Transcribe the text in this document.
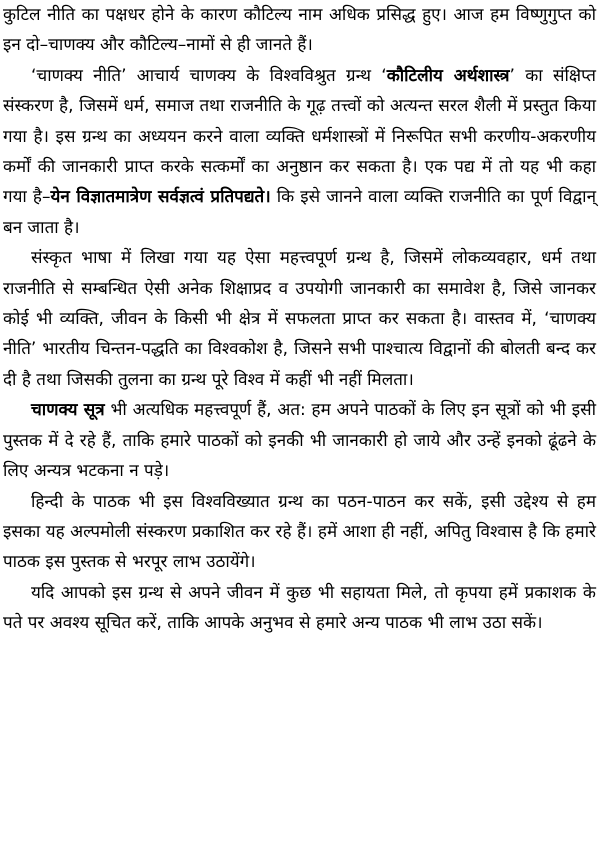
कुटिल नीति का पक्षधर होने के कारण कौटिल्य नाम अधिक प्रसिद्ध हुए। आज हम विष्णुगुप्त को इन दो–चाणक्य और कौटिल्य–नामों से ही जानते हैं।

‘चाणक्य नीति’ आचार्य चाणक्य के विश्वविश्रुत ग्रन्थ ‘कौटिलीय अर्थशास्त्र’ का संक्षिप्त संस्करण है, जिसमें धर्म, समाज तथा राजनीति के गूढ़ तत्त्वों को अत्यन्त सरल शैली में प्रस्तुत किया गया है। इस ग्रन्थ का अध्ययन करने वाला व्यक्ति धर्मशास्त्रों में निरूपित सभी करणीय-अकरणीय कर्मों की जानकारी प्राप्त करके सत्कर्मों का अनुष्ठान कर सकता है। एक पद्य में तो यह भी कहा गया है–येन विज्ञातमात्रेण सर्वज्ञत्वं प्रतिपद्यते। कि इसे जानने वाला व्यक्ति राजनीति का पूर्ण विद्वान् बन जाता है।

संस्कृत भाषा में लिखा गया यह ऐसा महत्त्वपूर्ण ग्रन्थ है, जिसमें लोकव्यवहार, धर्म तथा राजनीति से सम्बन्धित ऐसी अनेक शिक्षाप्रद व उपयोगी जानकारी का समावेश है, जिसे जानकर कोई भी व्यक्ति, जीवन के किसी भी क्षेत्र में सफलता प्राप्त कर सकता है। वास्तव में, ‘चाणक्य नीति’ भारतीय चिन्तन-पद्धति का विश्वकोश है, जिसने सभी पाश्चात्य विद्वानों की बोलती बन्द कर दी है तथा जिसकी तुलना का ग्रन्थ पूरे विश्व में कहीं भी नहीं मिलता।

चाणक्य सूत्र भी अत्यधिक महत्त्वपूर्ण हैं, अत: हम अपने पाठकों के लिए इन सूत्रों को भी इसी पुस्तक में दे रहे हैं, ताकि हमारे पाठकों को इनकी भी जानकारी हो जाये और उन्हें इनको ढूंढने के लिए अन्यत्र भटकना न पड़े।

हिन्दी के पाठक भी इस विश्वविख्यात ग्रन्थ का पठन-पाठन कर सकें, इसी उद्देश्य से हम इसका यह अल्पमोली संस्करण प्रकाशित कर रहे हैं। हमें आशा ही नहीं, अपितु विश्वास है कि हमारे पाठक इस पुस्तक से भरपूर लाभ उठायेंगे।

यदि आपको इस ग्रन्थ से अपने जीवन में कुछ भी सहायता मिले, तो कृपया हमें प्रकाशक के पते पर अवश्य सूचित करें, ताकि आपके अनुभव से हमारे अन्य पाठक भी लाभ उठा सकें।
